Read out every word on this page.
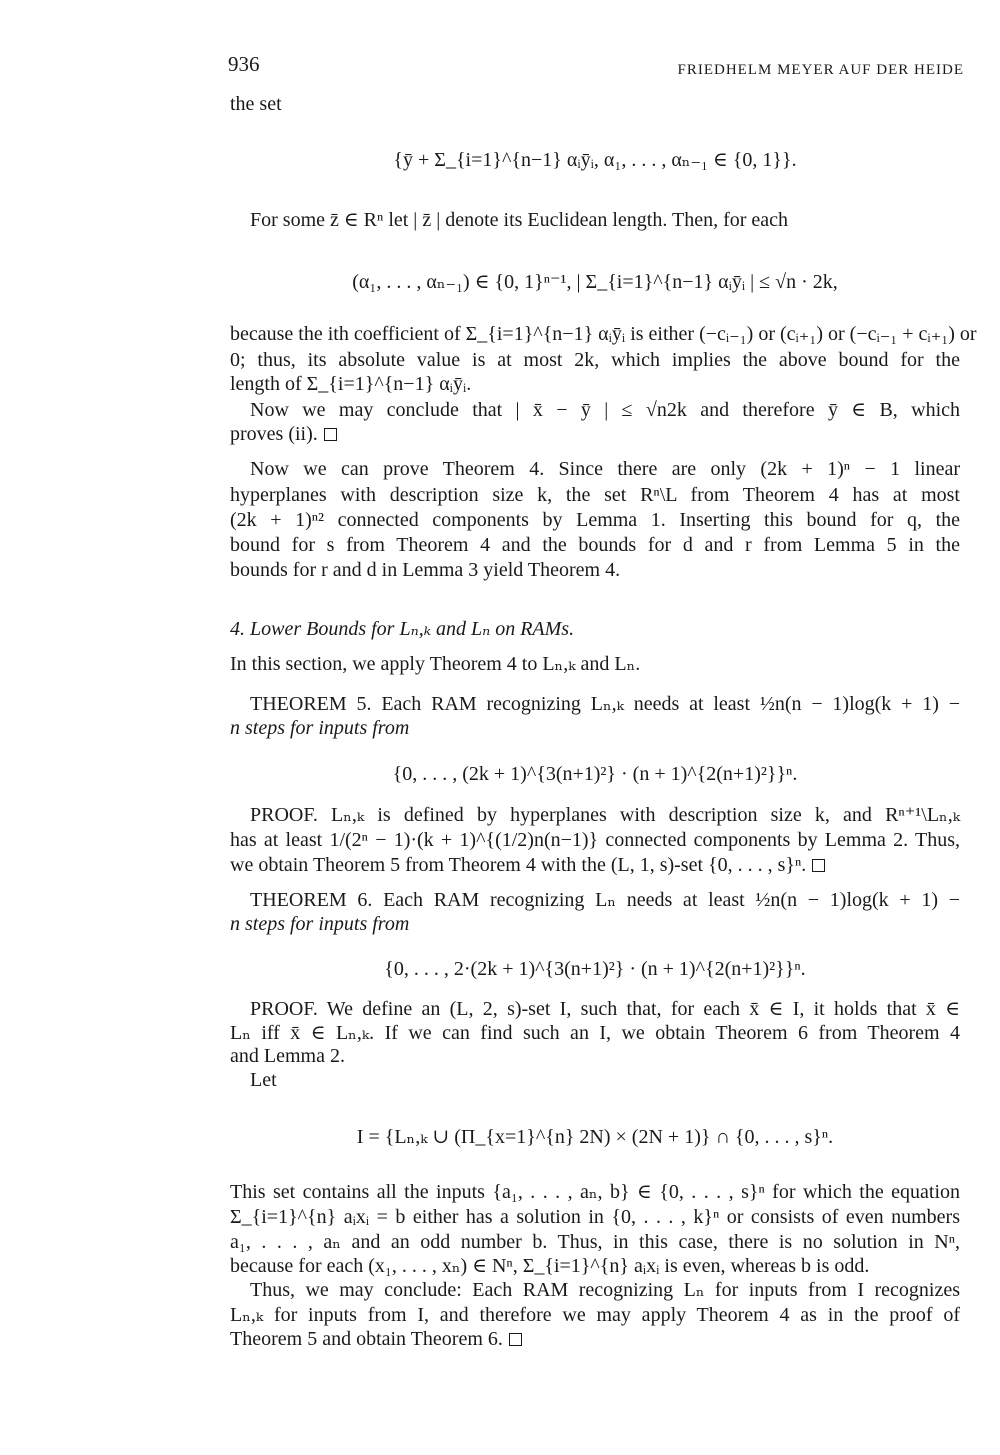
936	FRIEDHELM MEYER AUF DER HEIDE
the set
{ȳ + Σ_{i=1}^{n−1} αᵢȳᵢ, α₁, . . . , αₙ₋₁ ∈ {0, 1}}.
For some z̄ ∈ Rⁿ let | z̄ | denote its Euclidean length. Then, for each
(α₁, . . . , αₙ₋₁) ∈ {0, 1}ⁿ⁻¹, | Σ_{i=1}^{n−1} αᵢȳᵢ | ≤ √n · 2k,
because the ith coefficient of Σ_{i=1}^{n−1} αᵢȳᵢ is either (−cᵢ₋₁) or (cᵢ₊₁) or (−cᵢ₋₁ + cᵢ₊₁) or
0; thus, its absolute value is at most 2k, which implies the above bound for the
length of Σ_{i=1}^{n−1} αᵢȳᵢ.
Now we may conclude that | x̄ − ȳ | ≤ √n2k and therefore ȳ ∈ B, which
proves (ii).
Now we can prove Theorem 4. Since there are only (2k + 1)ⁿ − 1 linear
hyperplanes with description size k, the set Rⁿ\L from Theorem 4 has at most
(2k + 1)ⁿ² connected components by Lemma 1. Inserting this bound for q, the
bound for s from Theorem 4 and the bounds for d and r from Lemma 5 in the
bounds for r and d in Lemma 3 yield Theorem 4.
4. Lower Bounds for Lₙ,ₖ and Lₙ on RAMs.
In this section, we apply Theorem 4 to Lₙ,ₖ and Lₙ.
THEOREM 5. Each RAM recognizing Lₙ,ₖ needs at least ½n(n − 1)log(k + 1) −
n steps for inputs from
{0, . . . , (2k + 1)^{3(n+1)²} · (n + 1)^{2(n+1)²}}ⁿ.
PROOF. Lₙ,ₖ is defined by hyperplanes with description size k, and Rⁿ⁺¹\Lₙ,ₖ
has at least 1/(2ⁿ − 1)·(k + 1)^{(1/2)n(n−1)} connected components by Lemma 2. Thus,
we obtain Theorem 5 from Theorem 4 with the (L, 1, s)-set {0, . . . , s}ⁿ.
THEOREM 6. Each RAM recognizing Lₙ needs at least ½n(n − 1)log(k + 1) −
n steps for inputs from
{0, . . . , 2·(2k + 1)^{3(n+1)²} · (n + 1)^{2(n+1)²}}ⁿ.
PROOF. We define an (L, 2, s)-set I, such that, for each x̄ ∈ I, it holds that x̄ ∈
Lₙ iff x̄ ∈ Lₙ,ₖ. If we can find such an I, we obtain Theorem 6 from Theorem 4
and Lemma 2.
Let
I = {Lₙ,ₖ ∪ (Π_{x=1}^{n} 2N) × (2N + 1)} ∩ {0, . . . , s}ⁿ.
This set contains all the inputs {a₁, . . . , aₙ, b} ∈ {0, . . . , s}ⁿ for which the equation
Σ_{i=1}^{n} aᵢxᵢ = b either has a solution in {0, . . . , k}ⁿ or consists of even numbers
a₁, . . . , aₙ and an odd number b. Thus, in this case, there is no solution in Nⁿ,
because for each (x₁, . . . , xₙ) ∈ Nⁿ, Σ_{i=1}^{n} aᵢxᵢ is even, whereas b is odd.
Thus, we may conclude: Each RAM recognizing Lₙ for inputs from I recognizes
Lₙ,ₖ for inputs from I, and therefore we may apply Theorem 4 as in the proof of
Theorem 5 and obtain Theorem 6.
